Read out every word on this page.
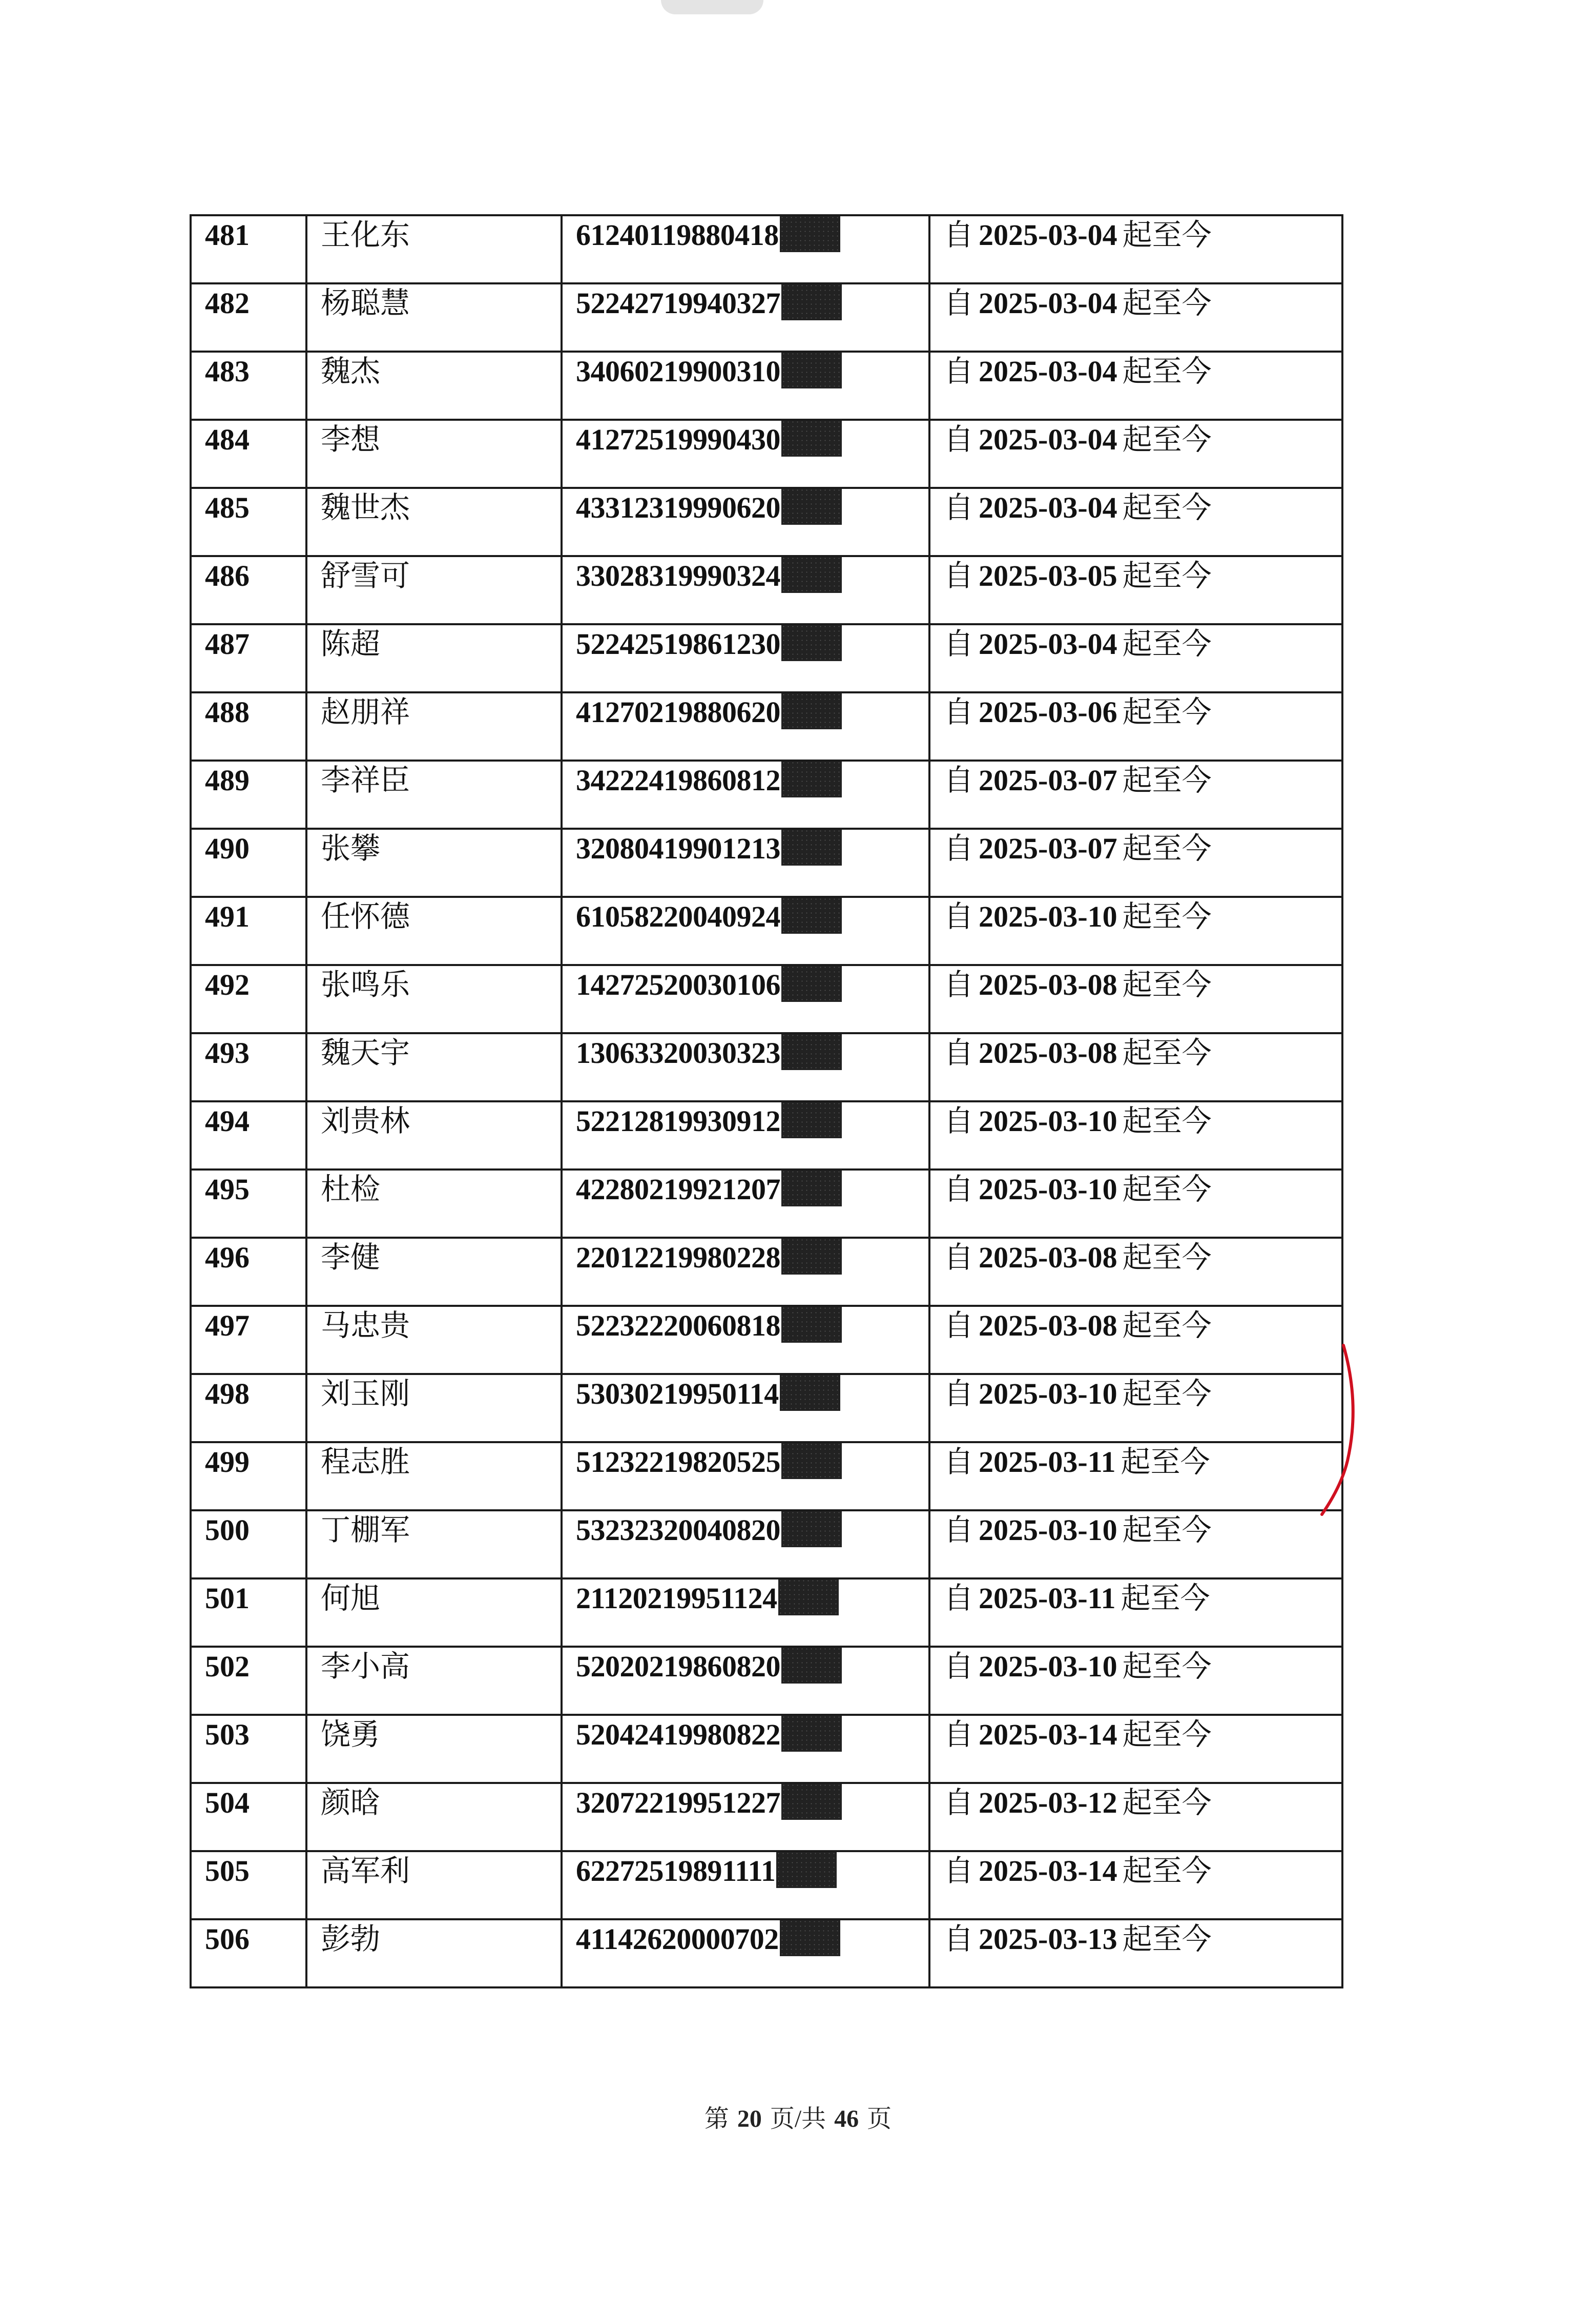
481	王化东	61240119880418	自 2025-03-04 起至今
482	杨聪慧	52242719940327	自 2025-03-04 起至今
483	魏杰	34060219900310	自 2025-03-04 起至今
484	李想	41272519990430	自 2025-03-04 起至今
485	魏世杰	43312319990620	自 2025-03-04 起至今
486	舒雪可	33028319990324	自 2025-03-05 起至今
487	陈超	52242519861230	自 2025-03-04 起至今
488	赵朋祥	41270219880620	自 2025-03-06 起至今
489	李祥臣	34222419860812	自 2025-03-07 起至今
490	张攀	32080419901213	自 2025-03-07 起至今
491	任怀德	61058220040924	自 2025-03-10 起至今
492	张鸣乐	14272520030106	自 2025-03-08 起至今
493	魏天宇	13063320030323	自 2025-03-08 起至今
494	刘贵林	52212819930912	自 2025-03-10 起至今
495	杜检	42280219921207	自 2025-03-10 起至今
496	李健	22012219980228	自 2025-03-08 起至今
497	马忠贵	52232220060818	自 2025-03-08 起至今
498	刘玉刚	53030219950114	自 2025-03-10 起至今
499	程志胜	51232219820525	自 2025-03-11 起至今
500	丁棚军	53232320040820	自 2025-03-10 起至今
501	何旭	21120219951124	自 2025-03-11 起至今
502	李小高	52020219860820	自 2025-03-10 起至今
503	饶勇	52042419980822	自 2025-03-14 起至今
504	颜晗	32072219951227	自 2025-03-12 起至今
505	高军利	62272519891111	自 2025-03-14 起至今
506	彭勃	41142620000702	自 2025-03-13 起至今
第 20 页/共 46 页
